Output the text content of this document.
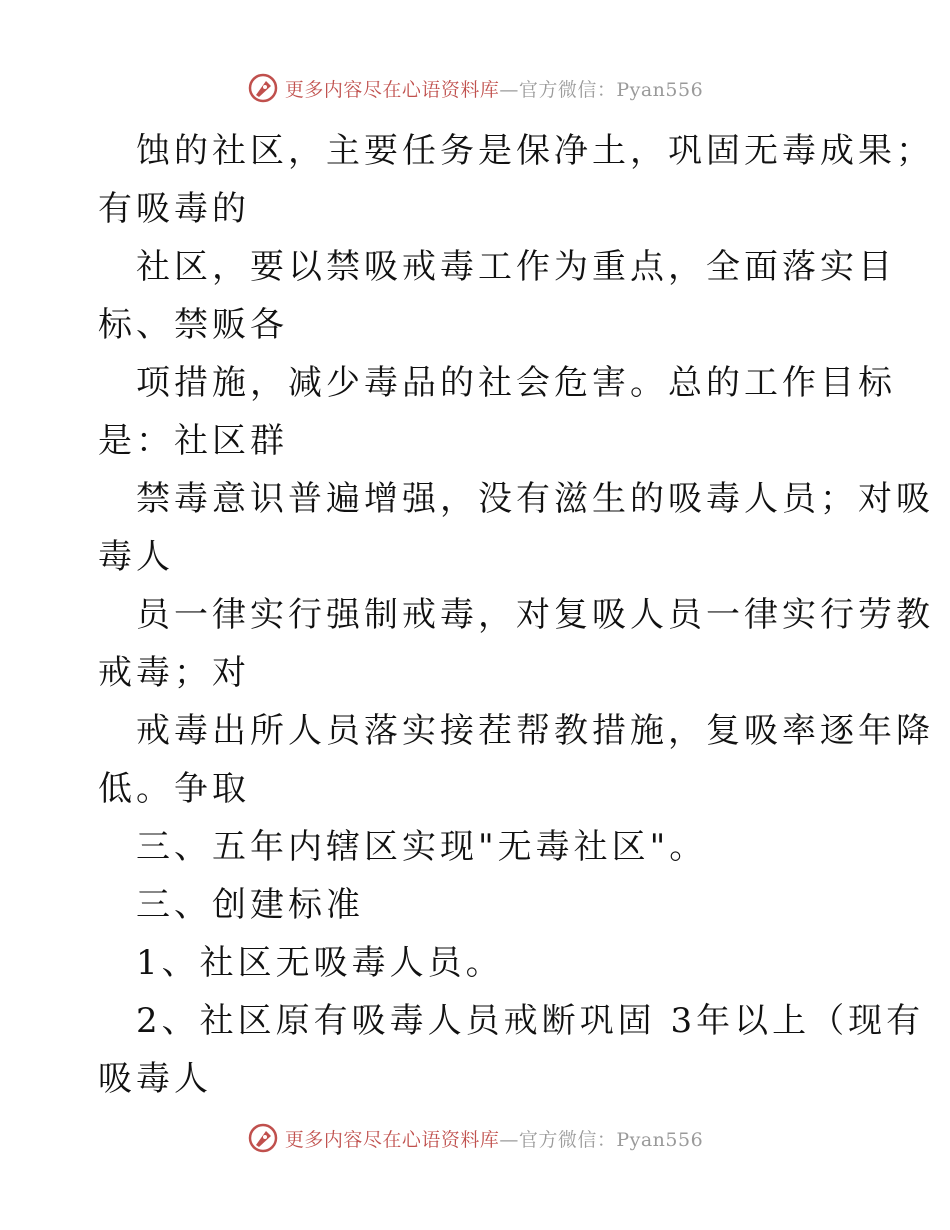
更多内容尽在心语资料库—官方微信：Pyan556
蚀的社区，主要任务是保净土，巩固无毒成果；
有吸毒的
社区，要以禁吸戒毒工作为重点，全面落实目
标、禁贩各
项措施，减少毒品的社会危害。总的工作目标
是：社区群
禁毒意识普遍增强，没有滋生的吸毒人员；对吸
毒人
员一律实行强制戒毒，对复吸人员一律实行劳教
戒毒；对
戒毒出所人员落实接茬帮教措施，复吸率逐年降
低。争取
三、五年内辖区实现"无毒社区"。
三、创建标准
1、社区无吸毒人员。
2、社区原有吸毒人员戒断巩固 3年以上（现有
吸毒人
更多内容尽在心语资料库—官方微信：Pyan556
